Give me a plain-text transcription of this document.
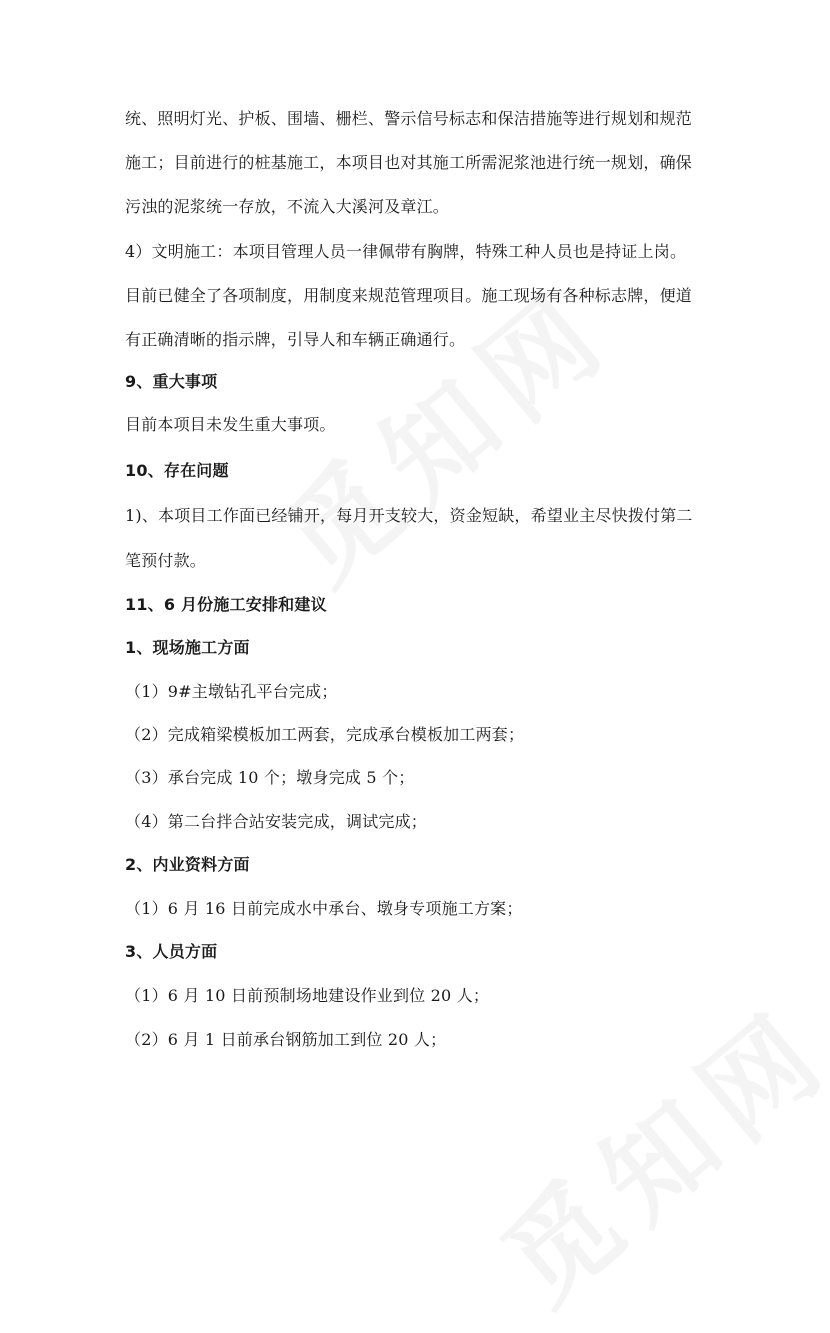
统、照明灯光、护板、围墙、栅栏、警示信号标志和保洁措施等进行规划和规范
施工；目前进行的桩基施工，本项目也对其施工所需泥浆池进行统一规划，确保
污浊的泥浆统一存放，不流入大溪河及章江。
4）文明施工：本项目管理人员一律佩带有胸牌，特殊工种人员也是持证上岗。
目前已健全了各项制度，用制度来规范管理项目。施工现场有各种标志牌，便道
有正确清晰的指示牌，引导人和车辆正确通行。
9、重大事项
目前本项目未发生重大事项。
10、存在问题
1)、本项目工作面已经铺开，每月开支较大，资金短缺，希望业主尽快拨付第二
笔预付款。
11、6 月份施工安排和建议
1、现场施工方面
（1）9#主墩钻孔平台完成；
（2）完成箱梁模板加工两套，完成承台模板加工两套；
（3）承台完成 10 个；墩身完成 5 个；
（4）第二台拌合站安装完成，调试完成；
2、内业资料方面
（1）6 月 16 日前完成水中承台、墩身专项施工方案；
3、人员方面
（1）6 月 10 日前预制场地建设作业到位 20 人；
（2）6 月 1 日前承台钢筋加工到位 20 人；
